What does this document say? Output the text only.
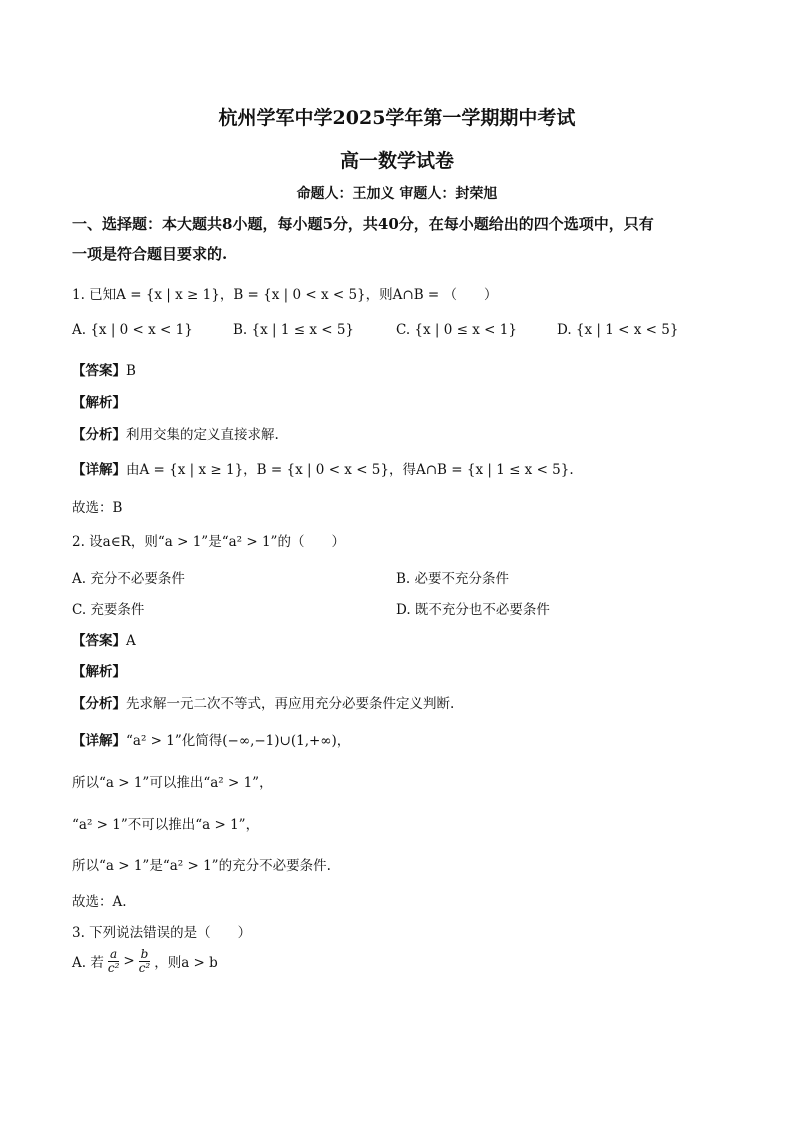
杭州学军中学2025学年第一学期期中考试
高一数学试卷
命题人：王加义 审题人：封荣旭
一、选择题：本大题共8小题，每小题5分，共40分，在每小题给出的四个选项中，只有
一项是符合题目要求的.
1. 已知A = {x | x ≥ 1}，B = {x | 0 < x < 5}，则A∩B = （　　）
A. {x | 0 < x < 1}	B. {x | 1 ≤ x < 5}	C. {x | 0 ≤ x < 1}	D. {x | 1 < x < 5}
【答案】B
【解析】
【分析】利用交集的定义直接求解.
【详解】由A = {x | x ≥ 1}，B = {x | 0 < x < 5}，得A∩B = {x | 1 ≤ x < 5}.
故选：B
2. 设a∈R，则“a > 1”是“a² > 1”的（　　）
A. 充分不必要条件	B. 必要不充分条件
C. 充要条件	D. 既不充分也不必要条件
【答案】A
【解析】
【分析】先求解一元二次不等式，再应用充分必要条件定义判断.
【详解】“a² > 1”化简得(−∞,−1)∪(1,+∞)，
所以“a > 1”可以推出“a² > 1”，
“a² > 1”不可以推出“a > 1”，
所以“a > 1”是“a² > 1”的充分不必要条件.
故选：A.
3. 下列说法错误的是（　　）
A. 若 $\frac{a}{\text{c²}} > \frac{b}{\text{c²}}$ ，则a > b
